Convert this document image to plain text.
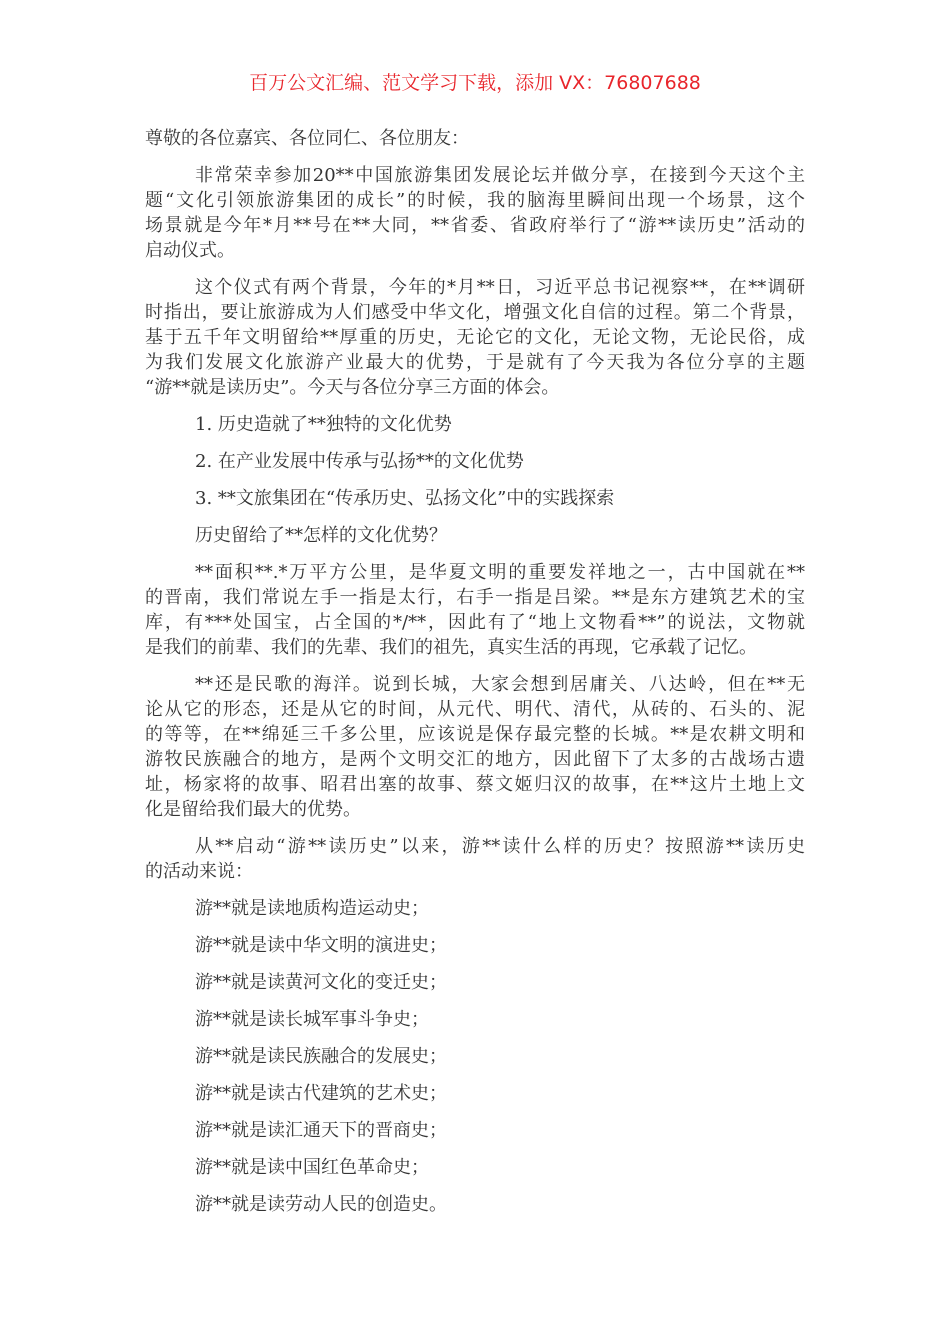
百万公文汇编、范文学习下载，添加 VX：76807688
尊敬的各位嘉宾、各位同仁、各位朋友：
非常荣幸参加20**中国旅游集团发展论坛并做分享，在接到今天这个主
题“文化引领旅游集团的成长”的时候，我的脑海里瞬间出现一个场景，这个
场景就是今年*月**号在**大同，**省委、省政府举行了“游**读历史”活动的
启动仪式。
这个仪式有两个背景，今年的*月**日，习近平总书记视察**，在**调研
时指出，要让旅游成为人们感受中华文化，增强文化自信的过程。第二个背景，
基于五千年文明留给**厚重的历史，无论它的文化，无论文物，无论民俗，成
为我们发展文化旅游产业最大的优势，于是就有了今天我为各位分享的主题
“游**就是读历史”。今天与各位分享三方面的体会。
1. 历史造就了**独特的文化优势
2. 在产业发展中传承与弘扬**的文化优势
3. **文旅集团在“传承历史、弘扬文化”中的实践探索
历史留给了**怎样的文化优势？
**面积**.*万平方公里，是华夏文明的重要发祥地之一，古中国就在**
的晋南，我们常说左手一指是太行，右手一指是吕梁。**是东方建筑艺术的宝
库，有***处国宝，占全国的*/**，因此有了“地上文物看**”的说法，文物就
是我们的前辈、我们的先辈、我们的祖先，真实生活的再现，它承载了记忆。
**还是民歌的海洋。说到长城，大家会想到居庸关、八达岭，但在**无
论从它的形态，还是从它的时间，从元代、明代、清代，从砖的、石头的、泥
的等等，在**绵延三千多公里，应该说是保存最完整的长城。**是农耕文明和
游牧民族融合的地方，是两个文明交汇的地方，因此留下了太多的古战场古遗
址，杨家将的故事、昭君出塞的故事、蔡文姬归汉的故事，在**这片土地上文
化是留给我们最大的优势。
从**启动“游**读历史”以来，游**读什么样的历史？按照游**读历史
的活动来说：
游**就是读地质构造运动史；
游**就是读中华文明的演进史；
游**就是读黄河文化的变迁史；
游**就是读长城军事斗争史；
游**就是读民族融合的发展史；
游**就是读古代建筑的艺术史；
游**就是读汇通天下的晋商史；
游**就是读中国红色革命史；
游**就是读劳动人民的创造史。
